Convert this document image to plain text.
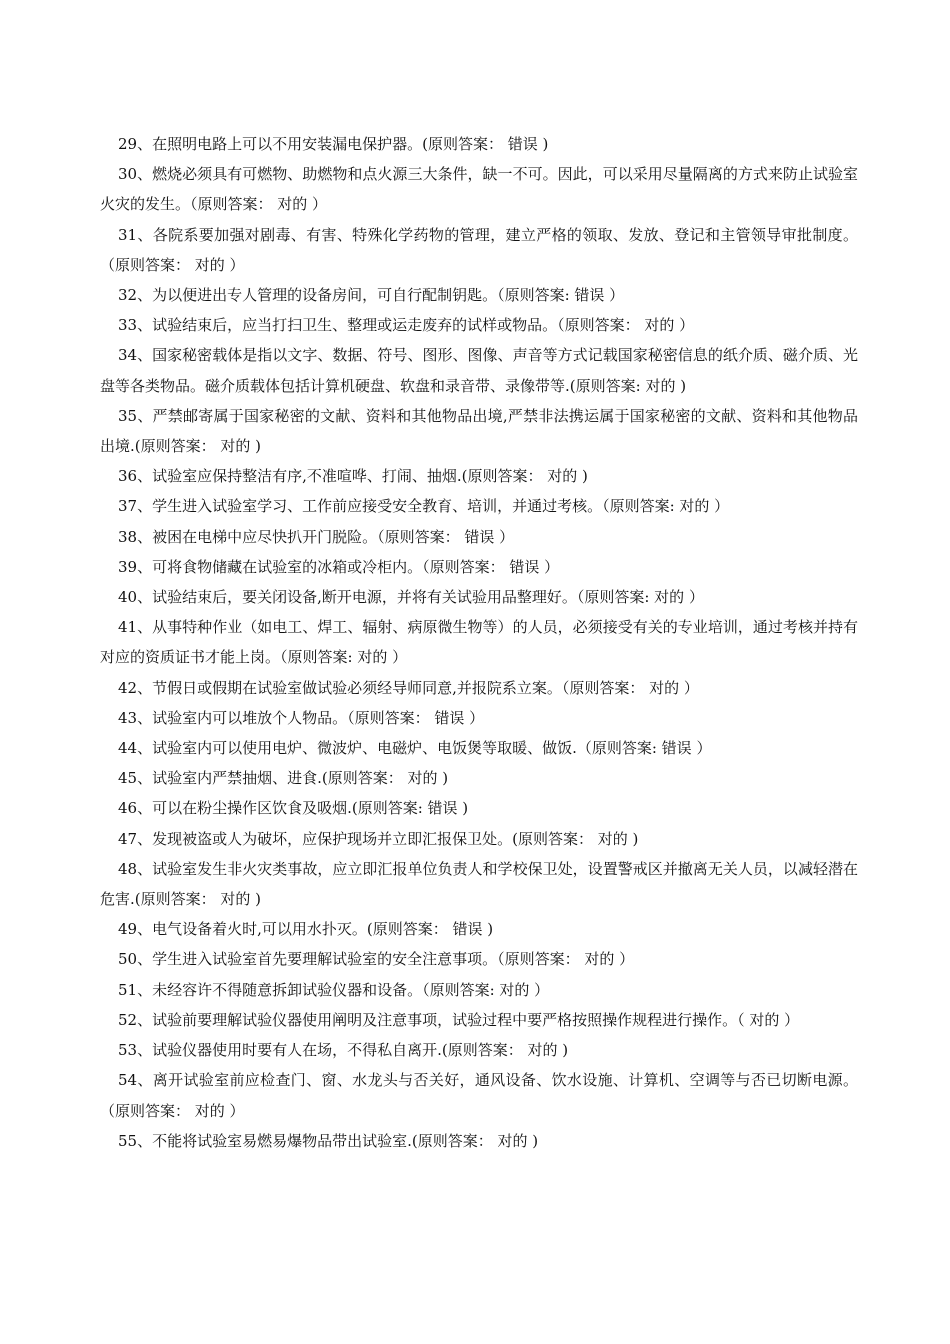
29、在照明电路上可以不用安装漏电保护器。(原则答案： 错误 )

30、燃烧必须具有可燃物、助燃物和点火源三大条件，缺一不可。因此，可以采用尽量隔离的方式来防止试验室火灾的发生。（原则答案： 对的 ）

31、各院系要加强对剧毒、有害、特殊化学药物的管理，建立严格的领取、发放、登记和主管领导审批制度。（原则答案： 对的 ）

32、为以便进出专人管理的设备房间，可自行配制钥匙。（原则答案: 错误 ）

33、试验结束后，应当打扫卫生、整理或运走废弃的试样或物品。（原则答案： 对的 ）

34、国家秘密载体是指以文字、数据、符号、图形、图像、声音等方式记载国家秘密信息的纸介质、磁介质、光盘等各类物品。磁介质载体包括计算机硬盘、软盘和录音带、录像带等.(原则答案: 对的 )

35、严禁邮寄属于国家秘密的文献、资料和其他物品出境,严禁非法携运属于国家秘密的文献、资料和其他物品出境.(原则答案： 对的 )

36、试验室应保持整洁有序,不准喧哗、打闹、抽烟.(原则答案： 对的 )

37、学生进入试验室学习、工作前应接受安全教育、培训，并通过考核。（原则答案: 对的 ）

38、被困在电梯中应尽快扒开门脱险。（原则答案： 错误 ）

39、可将食物储藏在试验室的冰箱或冷柜内。（原则答案： 错误 ）

40、试验结束后，要关闭设备,断开电源，并将有关试验用品整理好。（原则答案: 对的 ）

41、从事特种作业（如电工、焊工、辐射、病原微生物等）的人员，必须接受有关的专业培训，通过考核并持有对应的资质证书才能上岗。（原则答案: 对的 ）

42、节假日或假期在试验室做试验必须经导师同意,并报院系立案。（原则答案： 对的 ）

43、试验室内可以堆放个人物品。（原则答案： 错误 ）

44、试验室内可以使用电炉、微波炉、电磁炉、电饭煲等取暖、做饭.（原则答案: 错误 ）

45、试验室内严禁抽烟、进食.(原则答案： 对的 )

46、可以在粉尘操作区饮食及吸烟.(原则答案: 错误 )

47、发现被盗或人为破坏，应保护现场并立即汇报保卫处。(原则答案： 对的 )

48、试验室发生非火灾类事故，应立即汇报单位负责人和学校保卫处，设置警戒区并撤离无关人员，以减轻潜在危害.(原则答案： 对的 )

49、电气设备着火时,可以用水扑灭。(原则答案： 错误 )

50、学生进入试验室首先要理解试验室的安全注意事项。（原则答案： 对的 ）

51、未经容许不得随意拆卸试验仪器和设备。（原则答案: 对的 ）

52、试验前要理解试验仪器使用阐明及注意事项，试验过程中要严格按照操作规程进行操作。（ 对的 ）

53、试验仪器使用时要有人在场，不得私自离开.(原则答案： 对的 )

54、离开试验室前应检查门、窗、水龙头与否关好，通风设备、饮水设施、计算机、空调等与否已切断电源。（原则答案： 对的 ）

55、不能将试验室易燃易爆物品带出试验室.(原则答案： 对的 )
